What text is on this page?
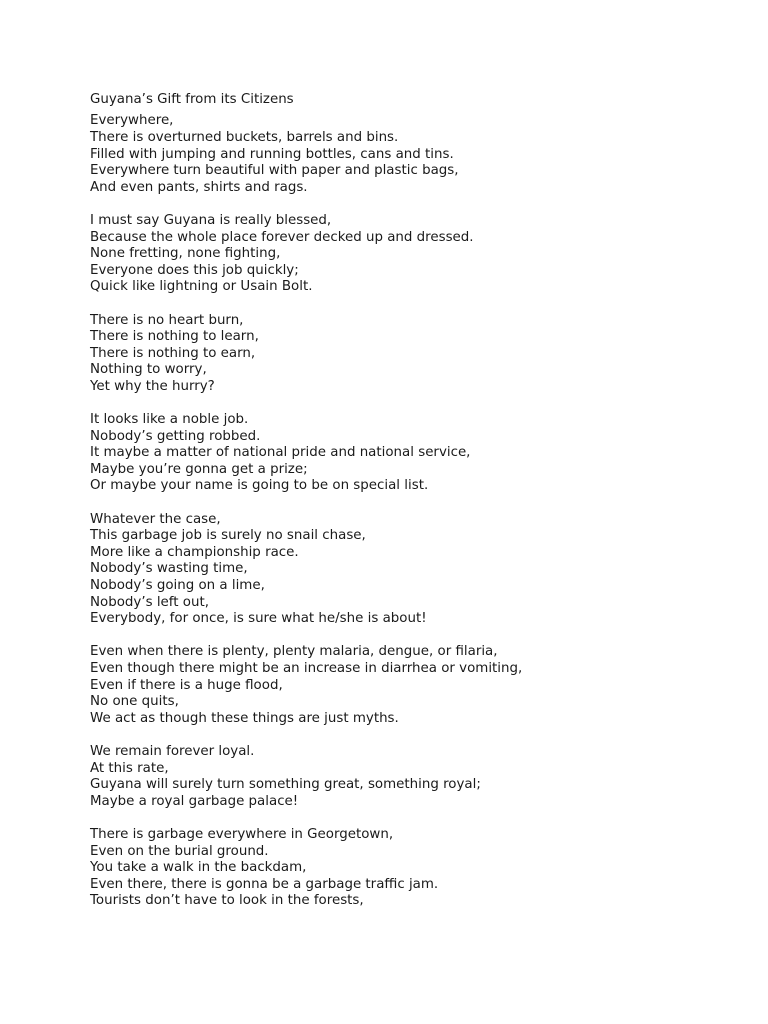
Guyana’s Gift from its Citizens
Everywhere,
There is overturned buckets, barrels and bins.
Filled with jumping and running bottles, cans and tins.
Everywhere turn beautiful with paper and plastic bags,
And even pants, shirts and rags.
I must say Guyana is really blessed,
Because the whole place forever decked up and dressed.
None fretting, none fighting,
Everyone does this job quickly;
Quick like lightning or Usain Bolt.
There is no heart burn,
There is nothing to learn,
There is nothing to earn,
Nothing to worry,
Yet why the hurry?
It looks like a noble job.
Nobody’s getting robbed.
It maybe a matter of national pride and national service,
Maybe you’re gonna get a prize;
Or maybe your name is going to be on special list.
Whatever the case,
This garbage job is surely no snail chase,
More like a championship race.
Nobody’s wasting time,
Nobody’s going on a lime,
Nobody’s left out,
Everybody, for once, is sure what he/she is about!
Even when there is plenty, plenty malaria, dengue, or filaria,
Even though there might be an increase in diarrhea or vomiting,
Even if there is a huge flood,
No one quits,
We act as though these things are just myths.
We remain forever loyal.
At this rate,
Guyana will surely turn something great, something royal;
Maybe a royal garbage palace!
There is garbage everywhere in Georgetown,
Even on the burial ground.
You take a walk in the backdam,
Even there, there is gonna be a garbage traffic jam.
Tourists don’t have to look in the forests,
